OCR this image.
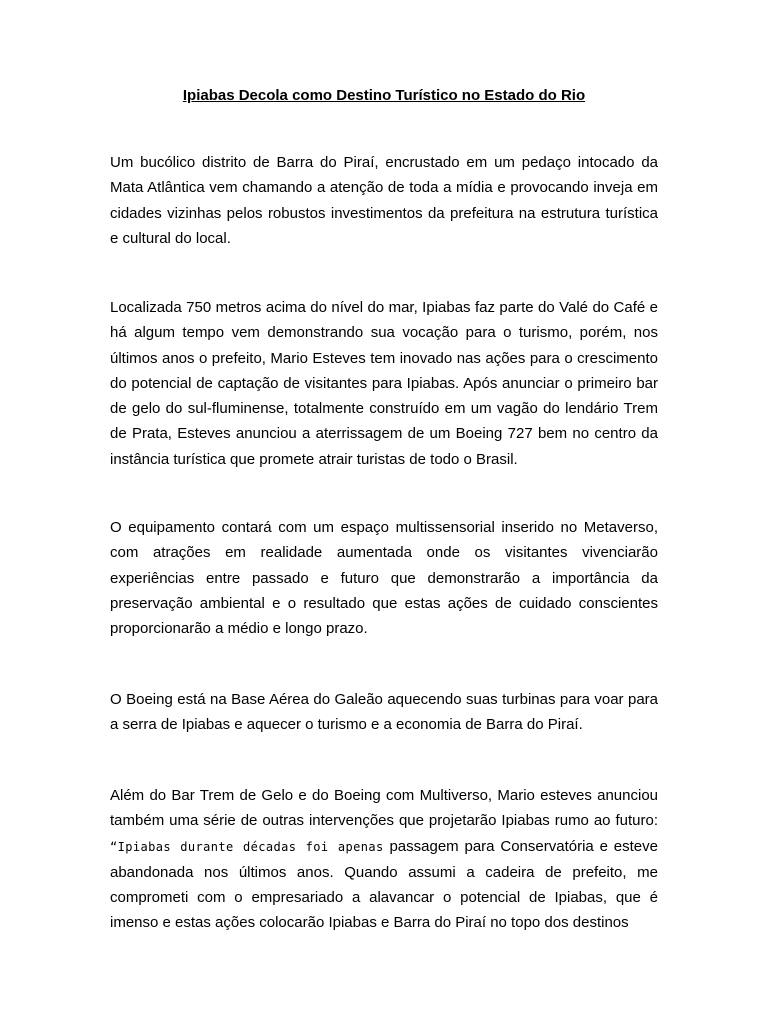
Ipiabas Decola como Destino Turístico no Estado do Rio

Um bucólico distrito de Barra do Piraí, encrustado em um pedaço intocado da Mata Atlântica vem chamando a atenção de toda a mídia e provocando inveja em cidades vizinhas pelos robustos investimentos da prefeitura na estrutura turística e cultural do local.

Localizada 750 metros acima do nível do mar, Ipiabas faz parte do Valé do Café e há algum tempo vem demonstrando sua vocação para o turismo, porém, nos últimos anos o prefeito, Mario Esteves tem inovado nas ações para o crescimento do potencial de captação de visitantes para Ipiabas. Após anunciar o primeiro bar de gelo do sul-fluminense, totalmente construído em um vagão do lendário Trem de Prata, Esteves anunciou a aterrissagem de um Boeing 727 bem no centro da instância turística que promete atrair turistas de todo o Brasil.

O equipamento contará com um espaço multissensorial inserido no Metaverso, com atrações em realidade aumentada onde os visitantes vivenciarão experiências entre passado e futuro que demonstrarão a importância da preservação ambiental e o resultado que estas ações de cuidado conscientes proporcionarão a médio e longo prazo.

O Boeing está na Base Aérea do Galeão aquecendo suas turbinas para voar para a serra de Ipiabas e aquecer o turismo e a economia de Barra do Piraí.

Além do Bar Trem de Gelo e do Boeing com Multiverso, Mario esteves anunciou também uma série de outras intervenções que projetarão Ipiabas rumo ao futuro: “Ipiabas durante décadas foi apenas passagem para Conservatória e esteve abandonada nos últimos anos. Quando assumi a cadeira de prefeito, me comprometi com o empresariado a alavancar o potencial de Ipiabas, que é imenso e estas ações colocarão Ipiabas e Barra do Piraí no topo dos destinos
